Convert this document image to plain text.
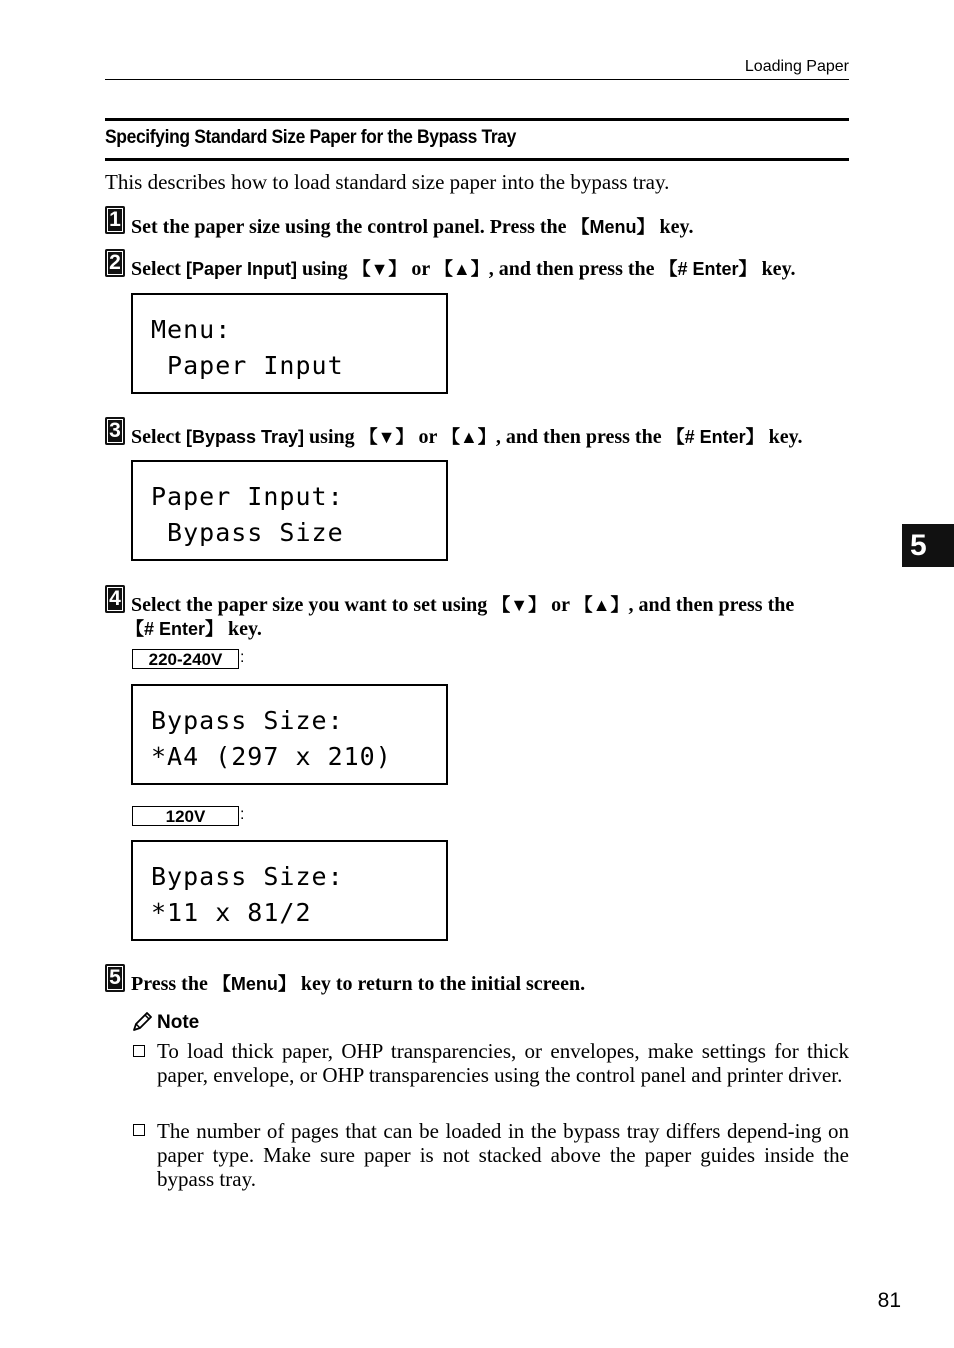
Loading Paper
Specifying Standard Size Paper for the Bypass Tray
This describes how to load standard size paper into the bypass tray.
1 Set the paper size using the control panel. Press the 【Menu】 key.
2 Select [Paper Input] using 【▼】 or 【▲】, and then press the 【# Enter】 key.
Menu:
Paper Input
3 Select [Bypass Tray] using 【▼】 or 【▲】, and then press the 【# Enter】 key.
Paper Input:
Bypass Size	5
4 Select the paper size you want to set using 【▼】 or 【▲】, and then press the
【# Enter】 key.
220-240V	:
Bypass Size:
*A4 (297 x 210)
120V	:
Bypass Size:
*11 x 81/2
5 Press the 【Menu】 key to return to the initial screen.
Note
To load thick paper, OHP transparencies, or envelopes, make settings for thick paper, envelope, or OHP transparencies using the control panel and printer driver.
The number of pages that can be loaded in the bypass tray differs depend-ing on paper type. Make sure paper is not stacked above the paper guides inside the bypass tray.
81
